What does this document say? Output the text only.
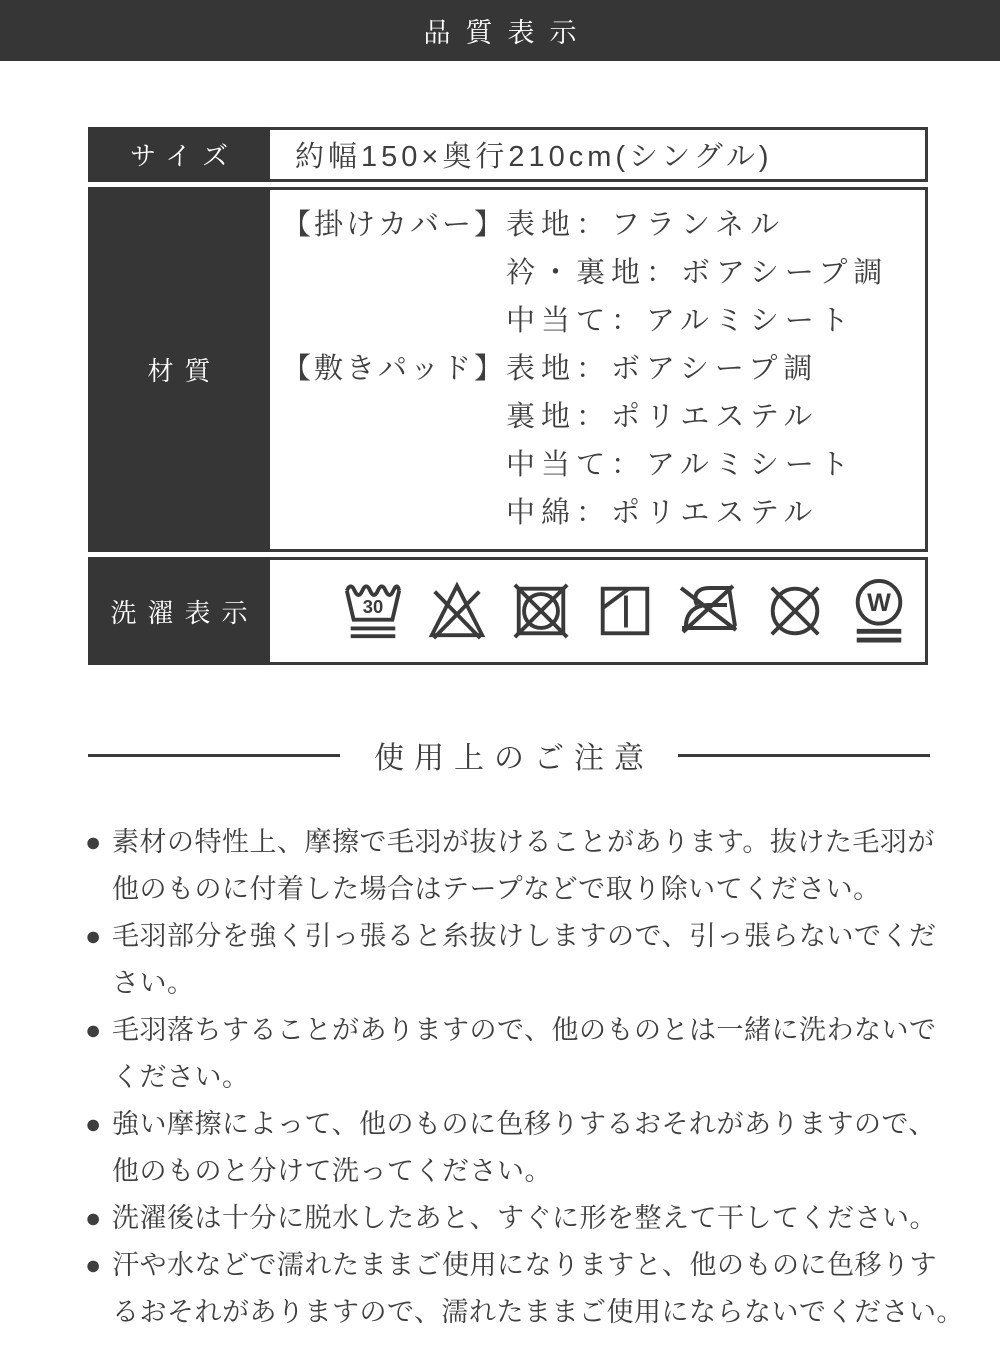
品質表示
サイズ	約幅150×奥行210cm(シングル)
材質
【掛けカバー】 表地：フランネル
衿・裏地：ボアシープ調
中当て：アルミシート
【敷きパッド】 表地：ボアシープ調
裏地：ポリエステル
中当て：アルミシート
中綿：ポリエステル
洗濯表示	30	W
使用上のご注意
● 素材の特性上、摩擦で毛羽が抜けることがあります。抜けた毛羽が
他のものに付着した場合はテープなどで取り除いてください。
● 毛羽部分を強く引っ張ると糸抜けしますので、引っ張らないでくだ
さい。
● 毛羽落ちすることがありますので、他のものとは一緒に洗わないで
ください。
● 強い摩擦によって、他のものに色移りするおそれがありますので、
他のものと分けて洗ってください。
● 洗濯後は十分に脱水したあと、すぐに形を整えて干してください。
● 汗や水などで濡れたままご使用になりますと、他のものに色移りす
るおそれがありますので、濡れたままご使用にならないでください。
